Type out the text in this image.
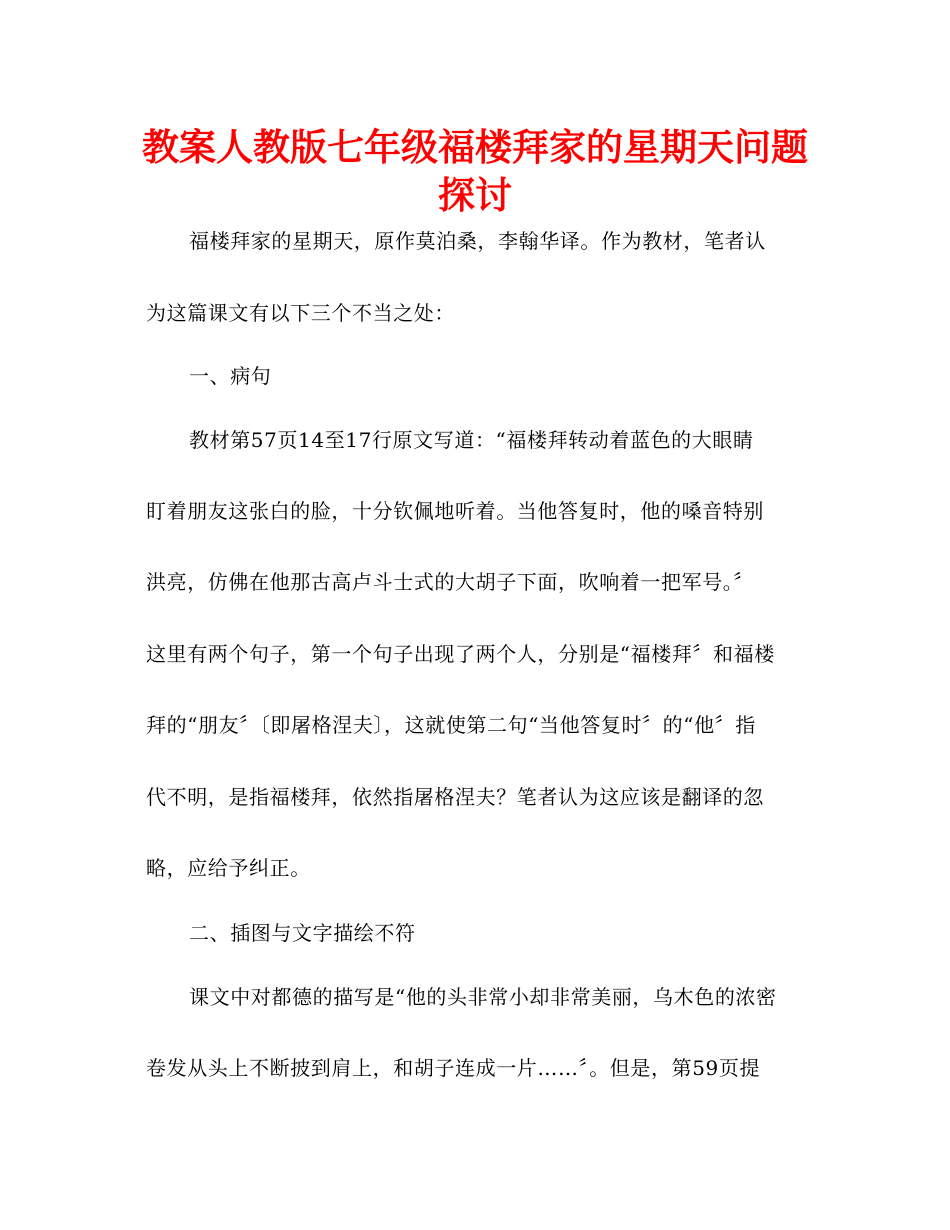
教案人教版七年级福楼拜家的星期天问题
探讨
福楼拜家的星期天，原作莫泊桑，李翰华译。作为教材，笔者认
为这篇课文有以下三个不当之处：
一、病句
教材第57页14至17行原文写道：“福楼拜转动着蓝色的大眼睛
盯着朋友这张白的脸，十分钦佩地听着。当他答复时，他的嗓音特别
洪亮，仿佛在他那古高卢斗士式的大胡子下面，吹响着一把军号。〞
这里有两个句子，第一个句子出现了两个人，分别是“福楼拜〞和福楼
拜的“朋友〞〔即屠格涅夫〕，这就使第二句“当他答复时〞的“他〞指
代不明，是指福楼拜，依然指屠格涅夫？笔者认为这应该是翻译的忽
略，应给予纠正。
二、插图与文字描绘不符
课文中对都德的描写是“他的头非常小却非常美丽，乌木色的浓密
卷发从头上不断披到肩上，和胡子连成一片……〞。但是，第59页提
